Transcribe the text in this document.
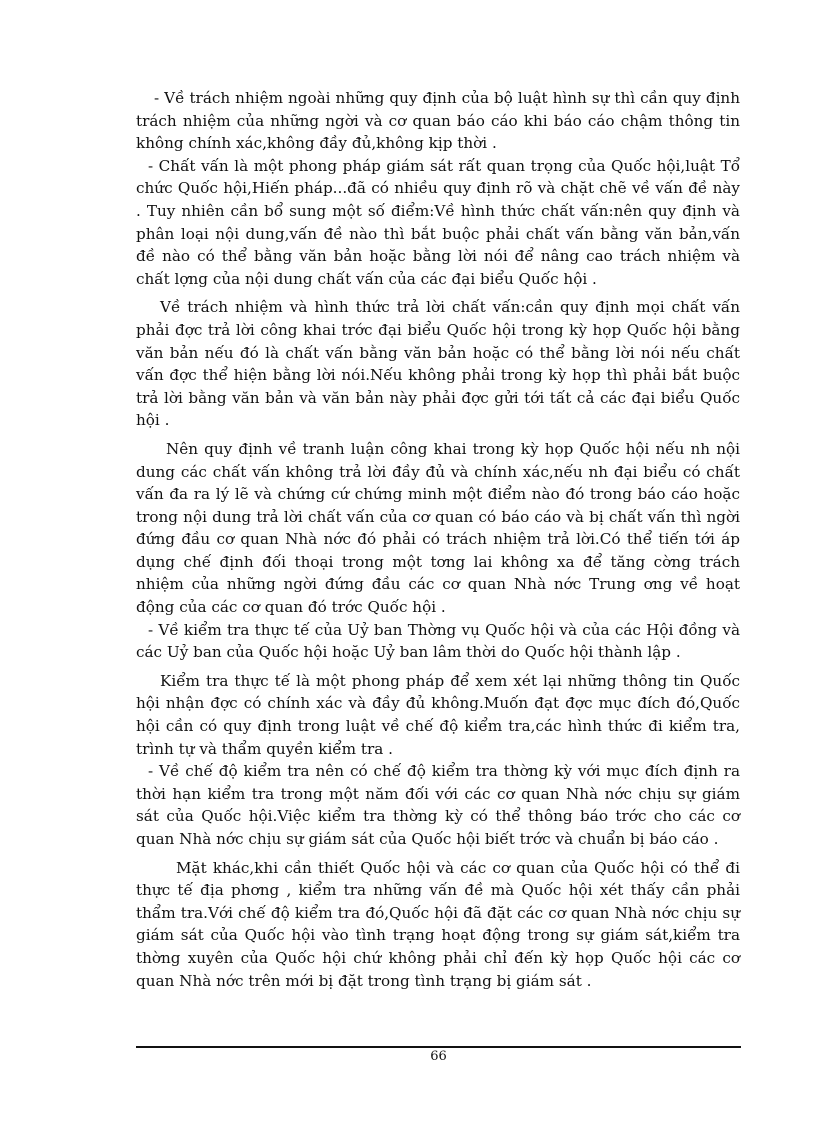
- Về trách nhiệm ngoài những quy định của bộ luật hình sự thì cần quy định trách nhiệm của những ngời và cơ quan báo cáo khi báo cáo chậm thông tin không chính xác,không đầy đủ,không kịp thời .

- Chất vấn là một phong pháp giám sát rất quan trọng của Quốc hội,luật Tổ chức Quốc hội,Hiến pháp...đã có nhiều quy định rõ và chặt chẽ về vấn đề này . Tuy nhiên cần bổ sung một số điểm:Về hình thức chất vấn:nên quy định và phân loại nội dung,vấn đề nào thì bắt buộc phải chất vấn bằng văn bản,vấn đề nào có thể bằng văn bản hoặc bằng lời nói để nâng cao trách nhiệm và chất lợng của nội dung chất vấn của các đại biểu Quốc hội .

Về trách nhiệm và hình thức trả lời chất vấn:cần quy định mọi chất vấn phải đợc trả lời công khai trớc đại biểu Quốc hội trong kỳ họp Quốc hội bằng văn bản nếu đó là chất vấn bằng văn bản hoặc có thể bằng lời nói nếu chất vấn đợc thể hiện bằng lời nói.Nếu không phải trong kỳ họp thì phải bắt buộc trả lời bằng văn bản và văn bản này phải đợc gửi tới tất cả các đại biểu Quốc hội .

Nên quy định về tranh luận công khai trong kỳ họp Quốc hội nếu nh nội dung các chất vấn không trả lời đầy đủ và chính xác,nếu nh đại biểu có chất vấn đa ra lý lẽ và chứng cứ chứng minh một điểm nào đó trong báo cáo hoặc trong nội dung trả lời chất vấn của cơ quan có báo cáo và bị chất vấn thì ngời đứng đầu cơ quan Nhà nớc đó phải có trách nhiệm trả lời.Có thể tiến tới áp dụng chế định đối thoại trong một tơng lai không xa để tăng cờng trách nhiệm của những ngời đứng đầu các cơ quan Nhà nớc Trung ơng về hoạt động của các cơ quan đó trớc Quốc hội .

- Về kiểm tra thực tế của Uỷ ban Thờng vụ Quốc hội và của các Hội đồng và các Uỷ ban của Quốc hội hoặc Uỷ ban lâm thời do Quốc hội thành lập .

Kiểm tra thực tế là một phong pháp để xem xét lại những thông tin Quốc hội nhận đợc có chính xác và đầy đủ không.Muốn đạt đợc mục đích đó,Quốc hội cần có quy định trong luật về chế độ kiểm tra,các hình thức đi kiểm tra, trình tự và thẩm quyền kiểm tra .

- Về chế độ kiểm tra nên có chế độ kiểm tra thờng kỳ với mục đích định ra thời hạn kiểm tra trong một năm đối với các cơ quan Nhà nớc chịu sự giám sát của Quốc hội.Việc kiểm tra thờng kỳ có thể thông báo trớc cho các cơ quan Nhà nớc chịu sự giám sát của Quốc hội biết trớc và chuẩn bị báo cáo .

Mặt khác,khi cần thiết Quốc hội và các cơ quan của Quốc hội có thể đi thực tế địa phơng , kiểm tra những vấn đề mà Quốc hội xét thấy cần phải thẩm tra.Với chế độ kiểm tra đó,Quốc hội đã đặt các cơ quan Nhà nớc chịu sự giám sát của Quốc hội vào tình trạng hoạt động trong sự giám sát,kiểm tra thờng xuyên của Quốc hội chứ không phải chỉ đến kỳ họp Quốc hội các cơ quan Nhà nớc trên mới bị đặt trong tình trạng bị giám sát .

66
